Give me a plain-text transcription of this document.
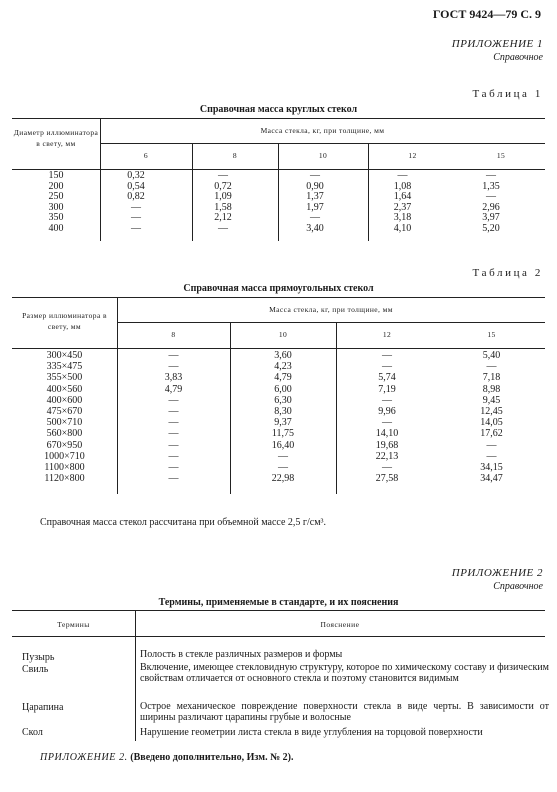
ГОСТ 9424—79 С. 9
ПРИЛОЖЕНИЕ 1
Справочное
Таблица 1
Справочная масса круглых стекол
Диаметр иллюминатора в свету, мм
Масса стекла, кг, при толщине, мм
6	8	10	12	15
150	0,32	—	—	—	—
200	0,54	0,72	0,90	1,08	1,35
250	0,82	1,09	1,37	1,64	—
300	—	1,58	1,97	2,37	2,96
350	—	2,12	—	3,18	3,97
400	—	—	3,40	4,10	5,20
Таблица 2
Справочная масса прямоугольных стекол
Размер иллюминатора в свету, мм
Масса стекла, кг, при толщине, мм
8	10	12	15
300×450	—	3,60	—	5,40
335×475	—	4,23	—	—
355×500	3,83	4,79	5,74	7,18
400×560	4,79	6,00	7,19	8,98
400×600	—	6,30	—	9,45
475×670	—	8,30	9,96	12,45
500×710	—	9,37	—	14,05
560×800	—	11,75	14,10	17,62
670×950	—	16,40	19,68	—
1000×710	—	—	22,13	—
1100×800	—	—	—	34,15
1120×800	—	22,98	27,58	34,47
Справочная масса стекол рассчитана при объемной массе 2,5 г/см³.
ПРИЛОЖЕНИЕ 2
Справочное
Термины, применяемые в стандарте, и их пояснения
Термины	Пояснение
Пузырь	Полость в стекле различных размеров и формы
Свиль	Включение, имеющее стекловидную структуру, которое по химическому составу и физическим свойствам отличается от основного стекла и поэтому становится видимым
Царапина	Острое механическое повреждение поверхности стекла в виде черты. В зависимости от ширины различают царапины грубые и волосные
Скол	Нарушение геометрии листа стекла в виде углубления на торцовой поверхности
ПРИЛОЖЕНИЕ 2. (Введено дополнительно, Изм. № 2).
